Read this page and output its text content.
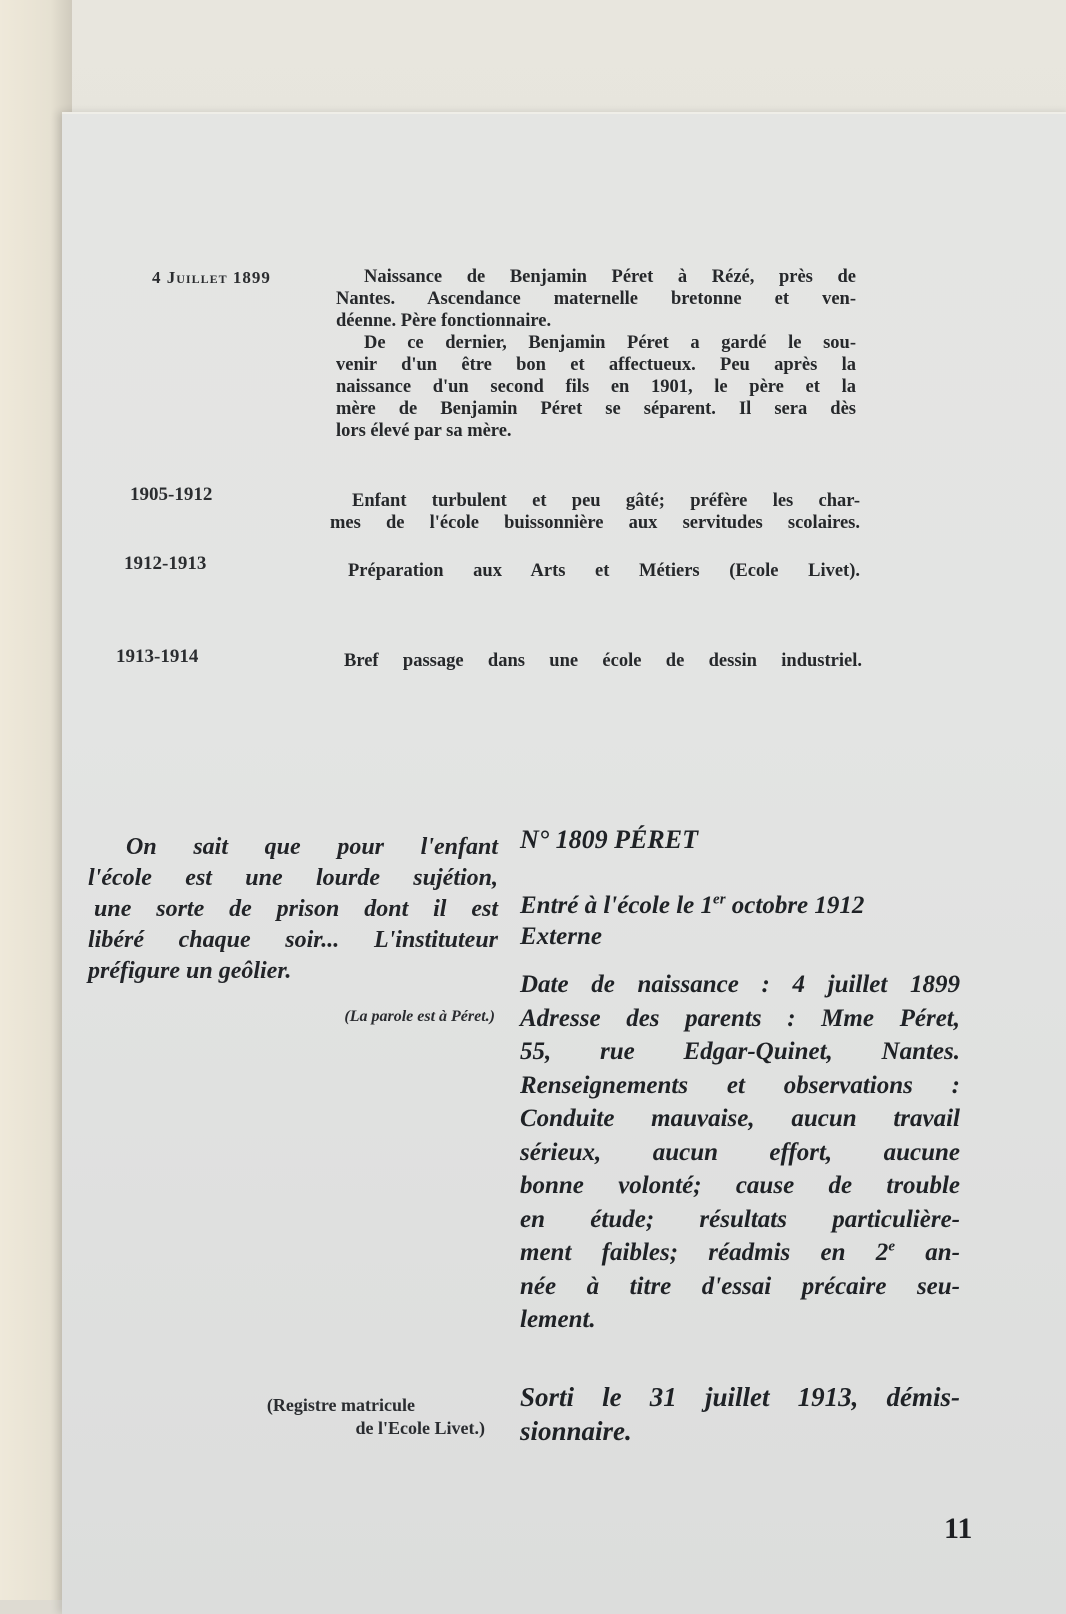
4 Juillet 1899	Naissance de Benjamin Péret à Rézé, près de
Nantes. Ascendance maternelle bretonne et ven-
déenne. Père fonctionnaire.
De ce dernier, Benjamin Péret a gardé le sou-
venir d'un être bon et affectueux. Peu après la
naissance d'un second fils en 1901, le père et la
mère de Benjamin Péret se séparent. Il sera dès
lors élevé par sa mère.
1905-1912	Enfant turbulent et peu gâté; préfère les char-
mes de l'école buissonnière aux servitudes scolaires.
1912-1913	Préparation aux Arts et Métiers (Ecole Livet).
1913-1914	Bref passage dans une école de dessin industriel.
On sait que pour l'enfant
l'école est une lourde sujétion,
une sorte de prison dont il est
libéré chaque soir... L'instituteur
préfigure un geôlier.
(La parole est à Péret.)
N° 1809 PÉRET
Entré à l'école le 1er octobre 1912
Externe
Date de naissance : 4 juillet 1899
Adresse des parents : Mme Péret,
55, rue Edgar-Quinet, Nantes.
Renseignements et observations :
Conduite mauvaise, aucun travail
sérieux, aucun effort, aucune
bonne volonté; cause de trouble
en étude; résultats particulière-
ment faibles; réadmis en 2e an-
née à titre d'essai précaire seu-
lement.
Sorti le 31 juillet 1913, démis-
sionnaire.
(Registre matricule
de l'Ecole Livet.)
11
